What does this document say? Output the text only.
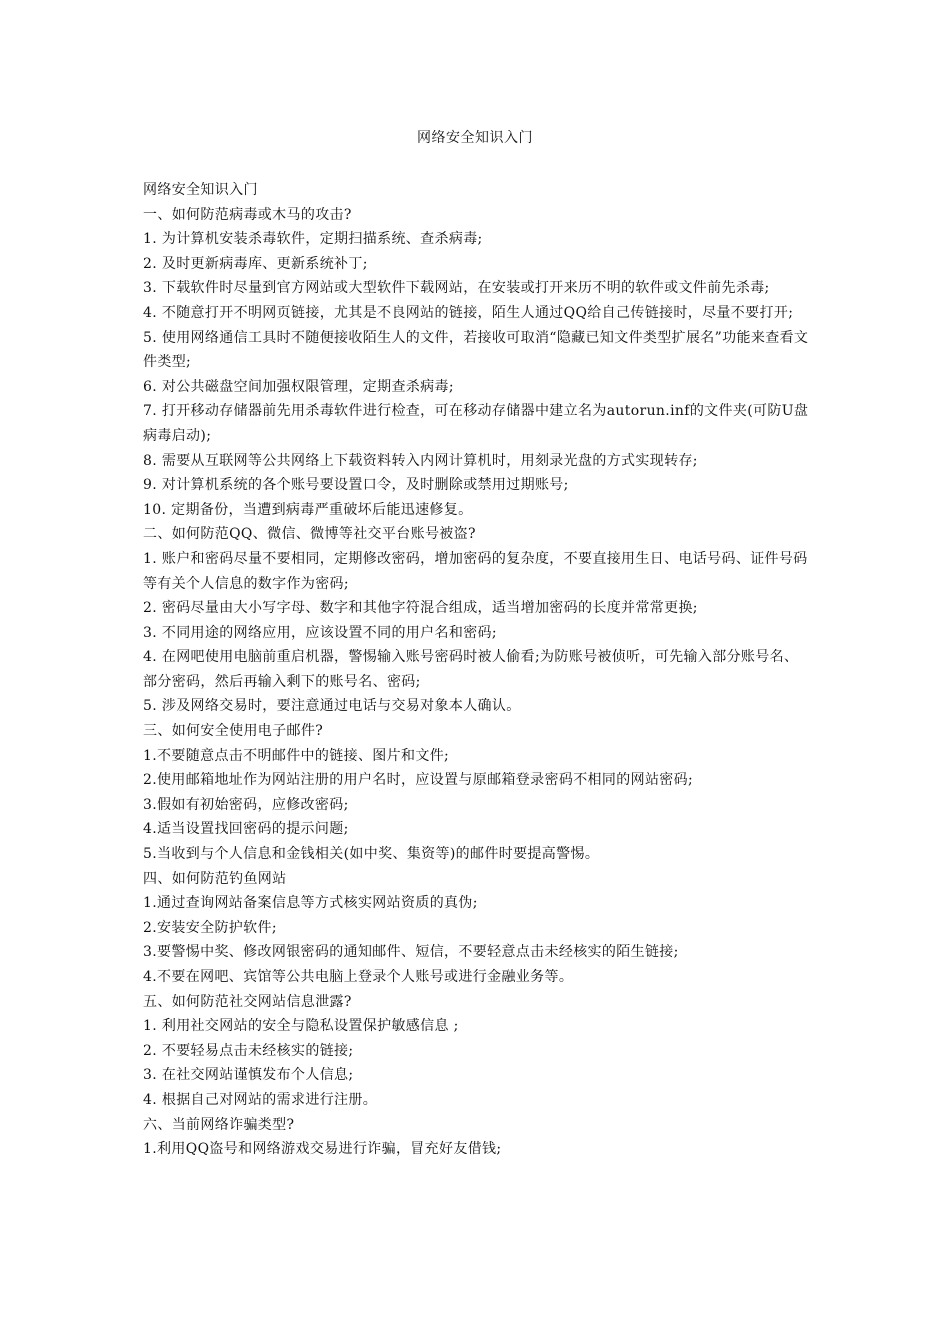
网络安全知识入门

网络安全知识入门

一、如何防范病毒或木马的攻击?

1. 为计算机安装杀毒软件，定期扫描系统、查杀病毒;

2. 及时更新病毒库、更新系统补丁;

3. 下载软件时尽量到官方网站或大型软件下载网站，在安装或打开来历不明的软件或文件前先杀毒;

4. 不随意打开不明网页链接，尤其是不良网站的链接，陌生人通过QQ给自己传链接时，尽量不要打开;

5. 使用网络通信工具时不随便接收陌生人的文件，若接收可取消“隐藏已知文件类型扩展名”功能来查看文件类型;

6. 对公共磁盘空间加强权限管理，定期查杀病毒;

7. 打开移动存储器前先用杀毒软件进行检查，可在移动存储器中建立名为autorun.inf的文件夹(可防U盘病毒启动);

8. 需要从互联网等公共网络上下载资料转入内网计算机时，用刻录光盘的方式实现转存;

9. 对计算机系统的各个账号要设置口令，及时删除或禁用过期账号;

10. 定期备份，当遭到病毒严重破坏后能迅速修复。

二、如何防范QQ、微信、微博等社交平台账号被盗?

1. 账户和密码尽量不要相同，定期修改密码，增加密码的复杂度，不要直接用生日、电话号码、证件号码等有关个人信息的数字作为密码;

2. 密码尽量由大小写字母、数字和其他字符混合组成，适当增加密码的长度并常常更换;

3. 不同用途的网络应用，应该设置不同的用户名和密码;

4. 在网吧使用电脑前重启机器，警惕输入账号密码时被人偷看;为防账号被侦听，可先输入部分账号名、部分密码，然后再输入剩下的账号名、密码;

5. 涉及网络交易时，要注意通过电话与交易对象本人确认。

三、如何安全使用电子邮件?

1.不要随意点击不明邮件中的链接、图片和文件;

2.使用邮箱地址作为网站注册的用户名时，应设置与原邮箱登录密码不相同的网站密码;

3.假如有初始密码，应修改密码;

4.适当设置找回密码的提示问题;

5.当收到与个人信息和金钱相关(如中奖、集资等)的邮件时要提高警惕。

四、如何防范钓鱼网站

1.通过查询网站备案信息等方式核实网站资质的真伪;

2.安装安全防护软件;

3.要警惕中奖、修改网银密码的通知邮件、短信，不要轻意点击未经核实的陌生链接;

4.不要在网吧、宾馆等公共电脑上登录个人账号或进行金融业务等。

五、如何防范社交网站信息泄露?

1. 利用社交网站的安全与隐私设置保护敏感信息 ;

2. 不要轻易点击未经核实的链接;

3. 在社交网站谨慎发布个人信息;

4. 根据自己对网站的需求进行注册。

六、当前网络诈骗类型?

1.利用QQ盗号和网络游戏交易进行诈骗，冒充好友借钱;
